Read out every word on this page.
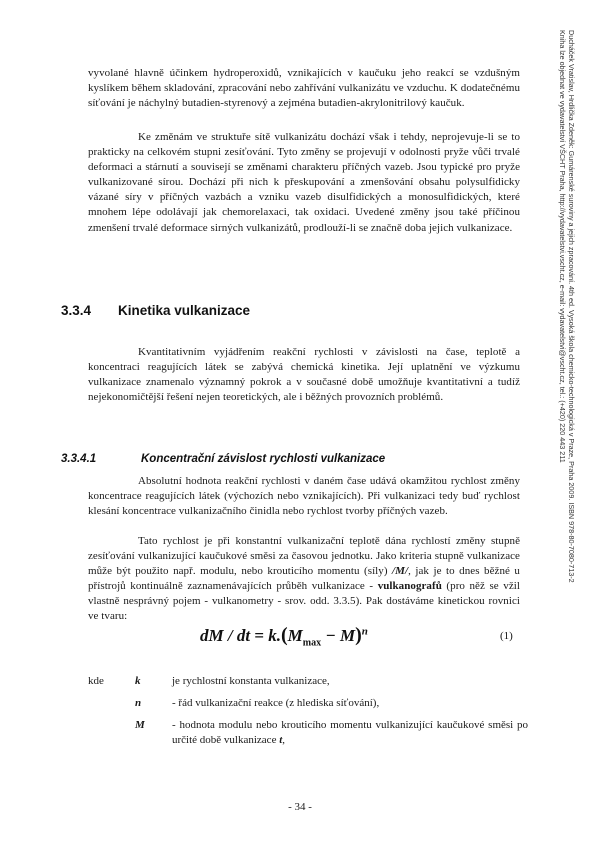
vyvolané hlavně účinkem hydroperoxidů, vznikajících v kaučuku jeho reakcí se vzdušným kyslíkem během skladování, zpracování nebo zahřívání vulkanizátu ve vzduchu. K dodatečnému síťování je náchylný butadien-styrenový a zejména butadien-akrylonitrilový kaučuk.

Ke změnám ve struktuře sítě vulkanizátu dochází však i tehdy, neprojevuje-li se to prakticky na celkovém stupni zesíťování. Tyto změny se projevují v odolnosti pryže vůči trvalé deformaci a stárnutí a souvisejí se změnami charakteru příčných vazeb. Jsou typické pro pryže vulkanizované sírou. Dochází při nich k přeskupování a zmenšování obsahu polysulfidicky vázané síry v příčných vazbách a vzniku vazeb disulfidických a monosulfidických, které mnohem lépe odolávají jak chemorelaxaci, tak oxidaci. Uvedené změny jsou také příčinou zmenšení trvalé deformace sirných vulkanizátů, prodlouží-li se značně doba jejich vulkanizace.

3.3.4 Kinetika vulkanizace

Kvantitativním vyjádřením reakční rychlosti v závislosti na čase, teplotě a koncentraci reagujících látek se zabývá chemická kinetika. Její uplatnění ve výzkumu vulkanizace znamenalo významný pokrok a v současné době umožňuje kvantitativní a tudíž nejekonomičtější řešení nejen teoretických, ale i běžných provozních problémů.

3.3.4.1	Koncentrační závislost rychlosti vulkanizace

Absolutní hodnota reakční rychlosti v daném čase udává okamžitou rychlost změny koncentrace reagujících látek (výchozích nebo vznikajících). Při vulkanizaci tedy buď rychlost klesání koncentrace vulkanizačního činidla nebo rychlost tvorby příčných vazeb.

Tato rychlost je při konstantní vulkanizační teplotě dána rychlostí změny stupně zesíťování vulkanizující kaučukové směsi za časovou jednotku. Jako kriteria stupně vulkanizace může být použito např. modulu, nebo krouticího momentu (síly) /M/, jak je to dnes běžné u přístrojů kontinuálně zaznamenávajících průběh vulkanizace - vulkanografů (pro něž se vžil vlastně nesprávný pojem - vulkanometry - srov. odd. 3.3.5). Pak dostáváme kinetickou rovnici ve tvaru:

dM / dt = $k.(M_{max} - M)^n$	(1)
kde	k	je rychlostní konstanta vulkanizace,
n	- řád vulkanizační reakce (z hlediska síťování),
M - hodnota modulu nebo krouticího momentu vulkanizující kaučukové směsi po určité době vulkanizace t,
- 34 -
Ducháček Vratislav, Hrdlička Zdeněk: Gumárenské suroviny a jejich zpracování. 4th ed. Vysoká škola chemicko-technologická v Praze, Praha 2009. ISBN 978-80-7080-713-2
Kniha lze objednat ve vydavatelství VŠCHT Praha, http://vydavatelstvi.vscht.cz, e-mail: vydavatelstvi@vscht.cz, tel.: (+420) 220 443 211
